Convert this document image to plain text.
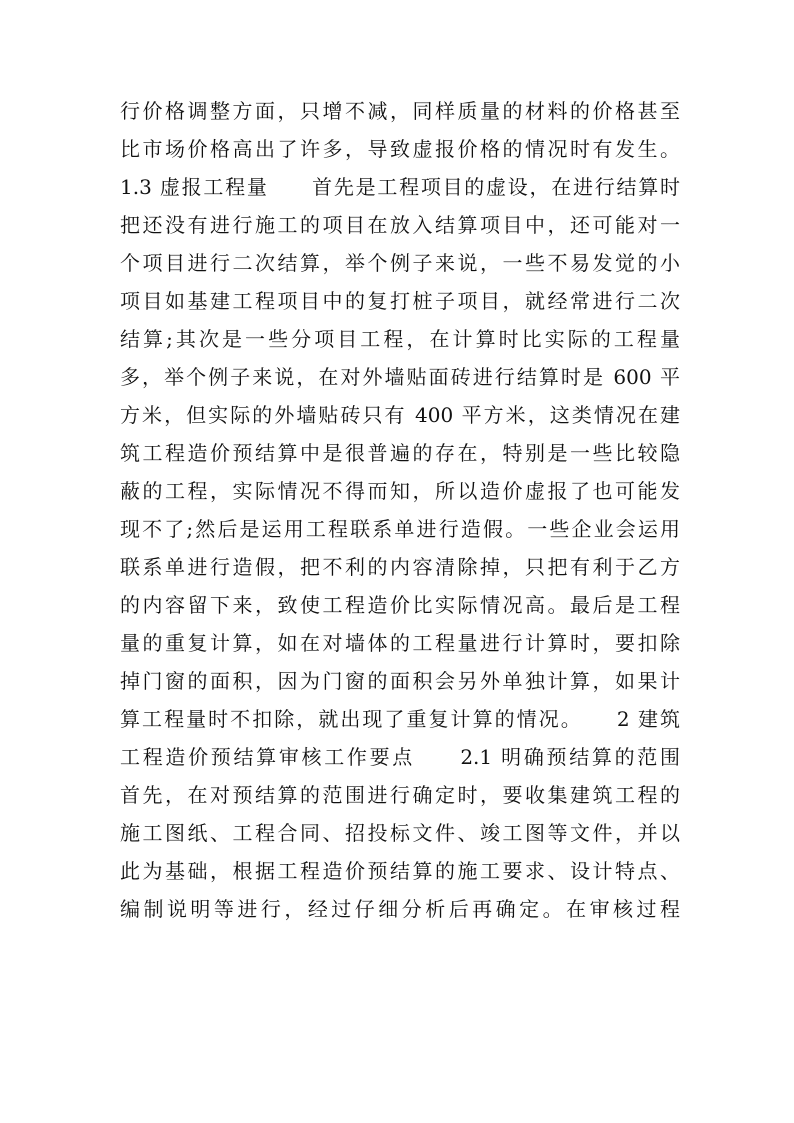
行价格调整方面，只增不减，同样质量的材料的价格甚至
比市场价格高出了许多，导致虚报价格的情况时有发生。
1.3 虚报工程量　　首先是工程项目的虚设，在进行结算时
把还没有进行施工的项目在放入结算项目中，还可能对一
个项目进行二次结算，举个例子来说，一些不易发觉的小
项目如基建工程项目中的复打桩子项目，就经常进行二次
结算;其次是一些分项目工程，在计算时比实际的工程量
多，举个例子来说，在对外墙贴面砖进行结算时是 600 平
方米，但实际的外墙贴砖只有 400 平方米，这类情况在建
筑工程造价预结算中是很普遍的存在，特别是一些比较隐
蔽的工程，实际情况不得而知，所以造价虚报了也可能发
现不了;然后是运用工程联系单进行造假。一些企业会运用
联系单进行造假，把不利的内容清除掉，只把有利于乙方
的内容留下来，致使工程造价比实际情况高。最后是工程
量的重复计算，如在对墙体的工程量进行计算时，要扣除
掉门窗的面积，因为门窗的面积会另外单独计算，如果计
算工程量时不扣除，就出现了重复计算的情况。　　2 建筑
工程造价预结算审核工作要点　　2.1 明确预结算的范围
首先，在对预结算的范围进行确定时，要收集建筑工程的
施工图纸、工程合同、招投标文件、竣工图等文件，并以
此为基础，根据工程造价预结算的施工要求、设计特点、
编制说明等进行，经过仔细分析后再确定。在审核过程
